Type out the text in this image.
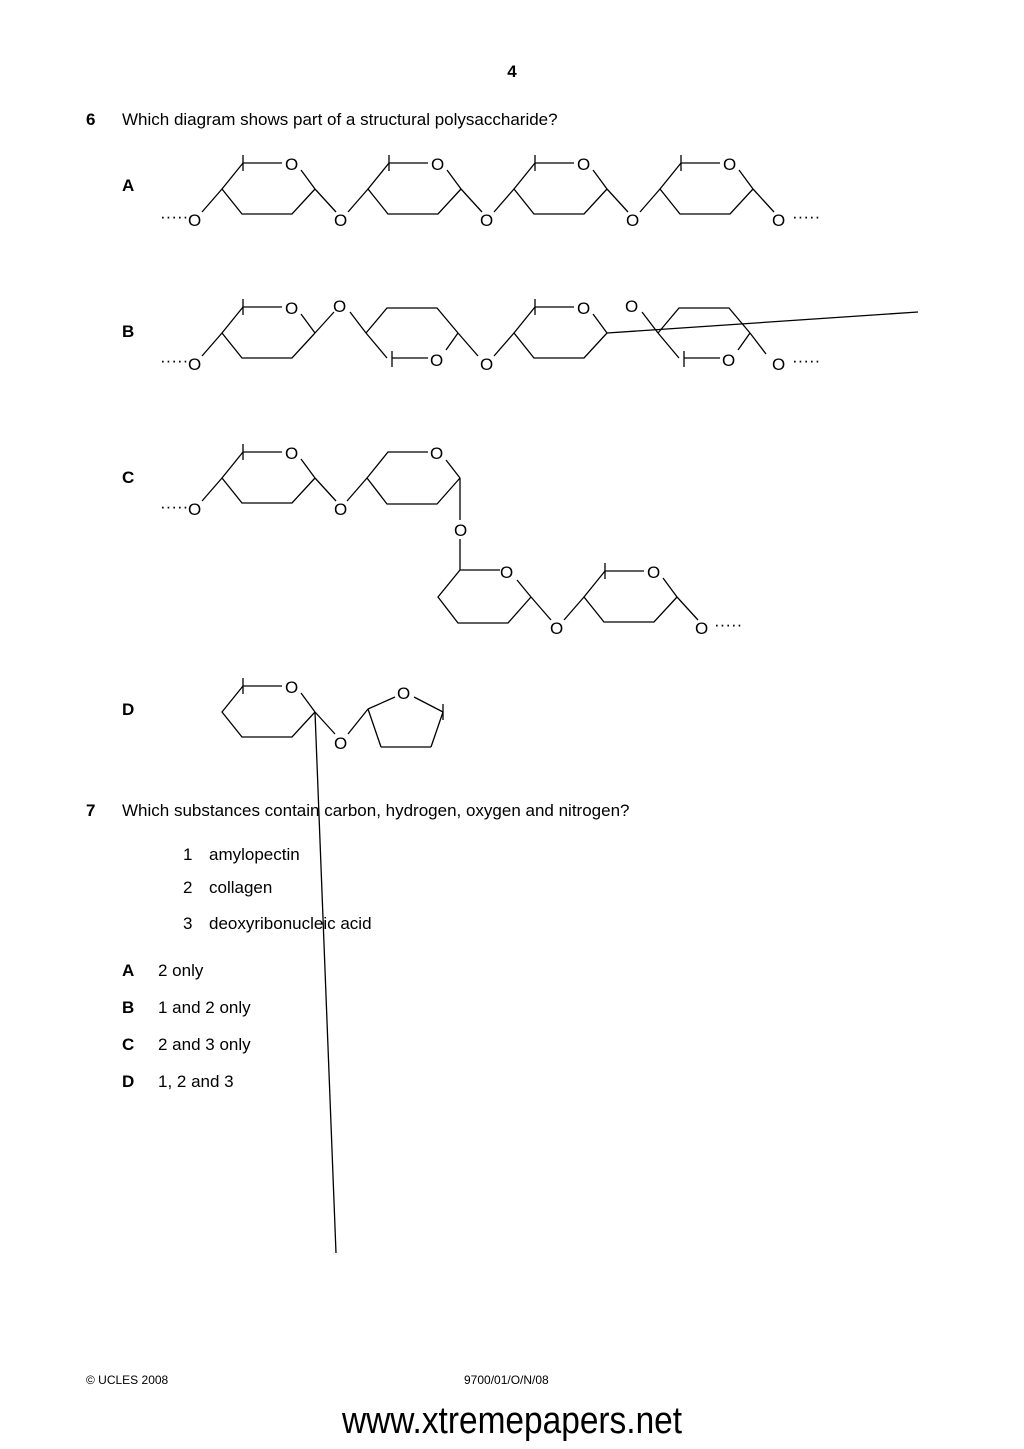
4
6 Which diagram shows part of a structural polysaccharide?
A
B
C
D
·····
O	O	O	O
O	O	O	O	O ·····
·····
O
O
O
O
O
O
O
O
O ·····
·····
O	O
O	O
O	O
O
O	O ·····
O
O
O
7 Which substances contain carbon, hydrogen, oxygen and nitrogen?
1 amylopectin
2 collagen
3 deoxyribonucleic acid
A 2 only
B 1 and 2 only
C 2 and 3 only
D 1, 2 and 3
© UCLES 2008	9700/01/O/N/08
www.xtremepapers.net
